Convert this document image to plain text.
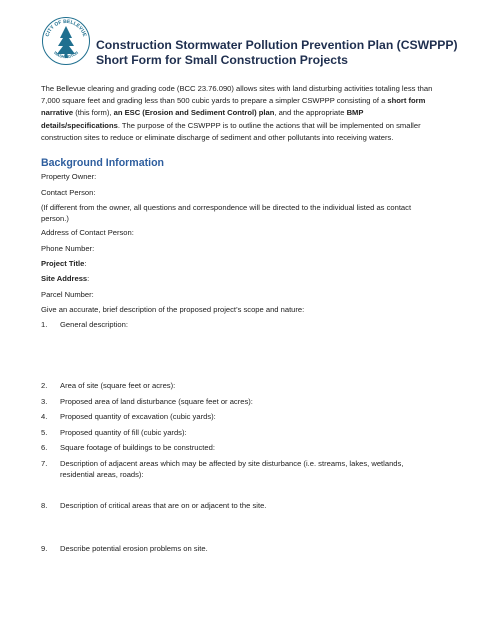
CITY OF BELLEVUE
WASHINGTON
Construction Stormwater Pollution Prevention Plan (CSWPPP)
Short Form for Small Construction Projects
The Bellevue clearing and grading code (BCC 23.76.090) allows sites with land disturbing activities totaling less than 7,000 square feet and grading less than 500 cubic yards to prepare a simpler CSWPPP consisting of a short form narrative (this form), an ESC (Erosion and Sediment Control) plan, and the appropriate BMP details/specifications. The purpose of the CSWPPP is to outline the actions that will be implemented on smaller construction sites to reduce or eliminate discharge of sediment and other pollutants into receiving waters.
Background Information
Property Owner:
Contact Person:
(If different from the owner, all questions and correspondence will be directed to the individual listed as contact person.)
Address of Contact Person:
Phone Number:
Project Title:
Site Address:
Parcel Number:
Give an accurate, brief description of the proposed project’s scope and nature:
1. General description:
2. Area of site (square feet or acres):
3. Proposed area of land disturbance (square feet or acres):
4. Proposed quantity of excavation (cubic yards):
5. Proposed quantity of fill (cubic yards):
6. Square footage of buildings to be constructed:
7. Description of adjacent areas which may be affected by site disturbance (i.e. streams, lakes, wetlands, residential areas, roads):
8. Description of critical areas that are on or adjacent to the site.
9. Describe potential erosion problems on site.
